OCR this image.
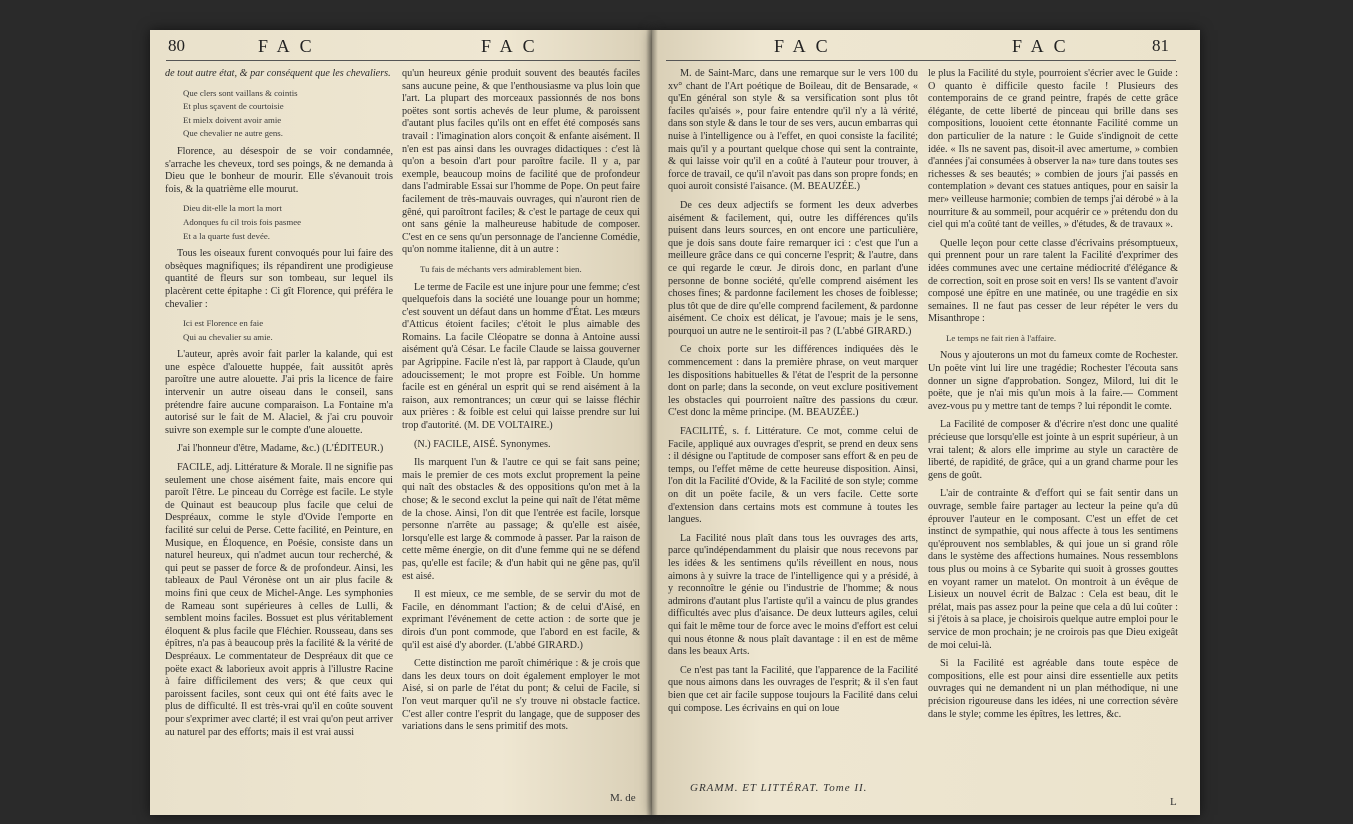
80	FAC	FAC	FAC	FAC	81

de tout autre état, & par conséquent que les chevaliers.

Que clers sont vaillans & cointis
Et plus sçavent de courtoisie
Et mielx doivent avoir amie
Que chevalier ne autre gens.

Florence, au désespoir de se voir condamnée, s'arrache les cheveux, tord ses poings, & ne demanda à Dieu que le bonheur de mourir. Elle s'évanouit trois fois, & la quatrième elle mourut.

Dieu dit-elle la mort la mort
Adonques fu cil trois fois pasmee
Et a la quarte fust devée.

Tous les oiseaux furent convoqués pour lui faire des obsèques magnifiques; ils répandirent une prodigieuse quantité de fleurs sur son tombeau, sur lequel ils placèrent cette épitaphe : Ci gît Florence, qui préféra le chevalier :

Ici est Florence en faie
Qui au chevalier su amie.

L'auteur, après avoir fait parler la kalande, qui est une espèce d'alouette huppée, fait aussitôt après paroître une autre alouette. J'ai pris la licence de faire intervenir un autre oiseau dans le conseil, sans prétendre faire aucune comparaison. La Fontaine m'a autorisé sur le fait de M. Alaciel, & j'ai cru pouvoir suivre son exemple sur le compte d'une alouette.

J'ai l'honneur d'être, Madame, &c.) (L'ÉDITEUR.)

FACILE, adj. Littérature & Morale. Il ne signifie pas seulement une chose aisément faite, mais encore qui paroît l'être. Le pinceau du Corrège est facile. Le style de Quinaut est beaucoup plus facile que celui de Despréaux, comme le style d'Ovide l'emporte en facilité sur celui de Perse. Cette facilité, en Peinture, en Musique, en Éloquence, en Poésie, consiste dans un naturel heureux, qui n'admet aucun tour recherché, & qui peut se passer de force & de profondeur. Ainsi, les tableaux de Paul Véronèse ont un air plus facile & moins fini que ceux de Michel-Ange. Les symphonies de Rameau sont supérieures à celles de Lulli, & semblent moins faciles. Bossuet est plus véritablement éloquent & plus facile que Fléchier. Rousseau, dans ses épîtres, n'a pas à beaucoup près la facilité & la vérité de Despréaux. Le commentateur de Despréaux dit que ce poëte exact & laborieux avoit appris à l'illustre Racine à faire difficilement des vers; & que ceux qui paroissent faciles, sont ceux qui ont été faits avec le plus de difficulté. Il est très-vrai qu'il en coûte souvent pour s'exprimer avec clarté; il est vrai qu'on peut arriver au naturel par des efforts; mais il est vrai aussi

qu'un heureux génie produit souvent des beautés faciles sans aucune peine, & que l'enthousiasme va plus loin que l'art. La plupart des morceaux passionnés de nos bons poëtes sont sortis achevés de leur plume, & paroissent d'autant plus faciles qu'ils ont en effet été composés sans travail : l'imagination alors conçoit & enfante aisément. Il n'en est pas ainsi dans les ouvrages didactiques : c'est là qu'on a besoin d'art pour paroître facile. Il y a, par exemple, beaucoup moins de facilité que de profondeur dans l'admirable Essai sur l'homme de Pope. On peut faire facilement de très-mauvais ouvrages, qui n'auront rien de gêné, qui paroîtront faciles; & c'est le partage de ceux qui ont sans génie la malheureuse habitude de composer. C'est en ce sens qu'un personnage de l'ancienne Comédie, qu'on nomme italienne, dit à un autre :

Tu fais de méchants vers admirablement bien.

Le terme de Facile est une injure pour une femme; c'est quelquefois dans la société une louange pour un homme; c'est souvent un défaut dans un homme d'État. Les mœurs d'Atticus étoient faciles; c'étoit le plus aimable des Romains. La facile Cléopatre se donna à Antoine aussi aisément qu'à César. Le facile Claude se laissa gouverner par Agrippine. Facile n'est là, par rapport à Claude, qu'un adoucissement; le mot propre est Foible. Un homme facile est en général un esprit qui se rend aisément à la raison, aux remontrances; un cœur qui se laisse fléchir aux prières : & foible est celui qui laisse prendre sur lui trop d'autorité. (M. DE VOLTAIRE.)

(N.) FACILE, AISÉ. Synonymes.

Ils marquent l'un & l'autre ce qui se fait sans peine; mais le premier de ces mots exclut proprement la peine qui naît des obstacles & des oppositions qu'on met à la chose; & le second exclut la peine qui naît de l'état même de la chose. Ainsi, l'on dit que l'entrée est facile, lorsque personne n'arrête au passage; & qu'elle est aisée, lorsqu'elle est large & commode à passer. Par la raison de cette même énergie, on dit d'une femme qui ne se défend pas, qu'elle est facile; & d'un habit qui ne gêne pas, qu'il est aisé.

Il est mieux, ce me semble, de se servir du mot de Facile, en dénommant l'action; & de celui d'Aisé, en exprimant l'événement de cette action : de sorte que je dirois d'un pont commode, que l'abord en est facile, & qu'il est aisé d'y aborder. (L'abbé GIRARD.)

Cette distinction me paroît chimérique : & je crois que dans les deux tours on doit également employer le mot Aisé, si on parle de l'état du pont; & celui de Facile, si l'on veut marquer qu'il ne s'y trouve ni obstacle factice. C'est aller contre l'esprit du langage, que de supposer des variations dans le sens primitif des mots.

M. de

M. de Saint-Marc, dans une remarque sur le vers 100 du xv° chant de l'Art poétique de Boileau, dit de Bensarade, « qu'En général son style & sa versification sont plus tôt faciles qu'aisés », pour faire entendre qu'il n'y a là vérité, dans son style & dans le tour de ses vers, aucun embarras qui nuise à l'intelligence ou à l'effet, en quoi consiste la facilité; mais qu'il y a pourtant quelque chose qui sent la contrainte, & qui laisse voir qu'il en a coûté à l'auteur pour trouver, à force de travail, ce qu'il n'avoit pas dans son propre fonds; en quoi auroit consisté l'aisance. (M. BEAUZÉE.)

De ces deux adjectifs se forment les deux adverbes aisément & facilement, qui, outre les différences qu'ils puisent dans leurs sources, en ont encore une particulière, que je dois sans doute faire remarquer ici : c'est que l'un a meilleure grâce dans ce qui concerne l'esprit; & l'autre, dans ce qui regarde le cœur. Je dirois donc, en parlant d'une personne de bonne société, qu'elle comprend aisément les choses fines; & pardonne facilement les choses de foiblesse; plus tôt que de dire qu'elle comprend facilement, & pardonne aisément. Ce choix est délicat, je l'avoue; mais je le sens, pourquoi un autre ne le sentiroit-il pas ? (L'abbé GIRARD.)

Ce choix porte sur les différences indiquées dès le commencement : dans la première phrase, on veut marquer les dispositions habituelles & l'état de l'esprit de la personne dont on parle; dans la seconde, on veut exclure positivement les obstacles qui pourroient naître des passions du cœur. C'est donc la même principe. (M. BEAUZÉE.)

FACILITÉ, s. f. Littérature. Ce mot, comme celui de Facile, appliqué aux ouvrages d'esprit, se prend en deux sens : il désigne ou l'aptitude de composer sans effort & en peu de temps, ou l'effet même de cette heureuse disposition. Ainsi, l'on dit la Facilité d'Ovide, & la Facilité de son style; comme on dit un poëte facile, & un vers facile. Cette sorte d'extension dans certains mots est commune à toutes les langues.

La Facilité nous plaît dans tous les ouvrages des arts, parce qu'indépendamment du plaisir que nous recevons par les idées & les sentimens qu'ils réveillent en nous, nous aimons à y suivre la trace de l'intelligence qui y a présidé, à y reconnoître le génie ou l'industrie de l'homme; & nous admirons d'autant plus l'artiste qu'il a vaincu de plus grandes difficultés avec plus d'aisance. De deux lutteurs agiles, celui qui fait le même tour de force avec le moins d'effort est celui qui nous étonne & nous plaît davantage : il en est de même dans les beaux Arts.

Ce n'est pas tant la Facilité, que l'apparence de la Facilité que nous aimons dans les ouvrages de l'esprit; & il s'en faut bien que cet air facile suppose toujours la Facilité dans celui qui compose. Les écrivains en qui on loue

GRAMM. ET LITTÉRAT. Tome II.

le plus la Facilité du style, pourroient s'écrier avec le Guide : O quanto è difficile questo facile ! Plusieurs des contemporains de ce grand peintre, frapés de cette grâce élégante, de cette liberté de pinceau qui brille dans ses compositions, louoient cette étonnante Facilité comme un don particulier de la nature : le Guide s'indignoit de cette idée. « Ils ne savent pas, disoit-il avec amertume, » combien d'années j'ai consumées à observer la na» ture dans toutes ses richesses & ses beautés; » combien de jours j'ai passés en contemplation » devant ces statues antiques, pour en saisir la mer» veilleuse harmonie; combien de temps j'ai dérobé » à la nourriture & au sommeil, pour acquérir ce » prétendu don du ciel qui m'a coûté tant de veilles, » d'études, & de travaux ».

Quelle leçon pour cette classe d'écrivains présomptueux, qui prennent pour un rare talent la Facilité d'exprimer des idées communes avec une certaine médiocrité d'élégance & de correction, soit en prose soit en vers! Ils se vantent d'avoir composé une épître en une matinée, ou une tragédie en six semaines. Il ne faut pas cesser de leur répéter le vers du Misanthrope :

Le temps ne fait rien à l'affaire.

Nous y ajouterons un mot du fameux comte de Rochester. Un poëte vint lui lire une tragédie; Rochester l'écouta sans donner un signe d'approbation. Songez, Milord, lui dit le poëte, que je n'ai mis qu'un mois à la faire.— Comment avez-vous pu y mettre tant de temps ? lui répondit le comte.

La Facilité de composer & d'écrire n'est donc une qualité précieuse que lorsqu'elle est jointe à un esprit supérieur, à un vrai talent; & alors elle imprime au style un caractère de liberté, de rapidité, de grâce, qui a un grand charme pour les gens de goût.

L'air de contrainte & d'effort qui se fait sentir dans un ouvrage, semble faire partager au lecteur la peine qu'a dû éprouver l'auteur en le composant. C'est un effet de cet instinct de sympathie, qui nous affecte à tous les sentimens qu'éprouvent nos semblables, & qui joue un si grand rôle dans le système des affections humaines. Nous ressemblons tous plus ou moins à ce Sybarite qui suoit à grosses gouttes en voyant ramer un matelot. On montroit à un évêque de Lisieux un nouvel écrit de Balzac : Cela est beau, dit le prélat, mais pas assez pour la peine que cela a dû lui coûter : si j'étois à sa place, je choisirois quelque autre emploi pour le service de mon prochain; je ne croirois pas que Dieu exigeât de moi celui-là.

Si la Facilité est agréable dans toute espèce de compositions, elle est pour ainsi dire essentielle aux petits ouvrages qui ne demandent ni un plan méthodique, ni une précision rigoureuse dans les idées, ni une correction sévère dans le style; comme les épîtres, les lettres, &c.

L
